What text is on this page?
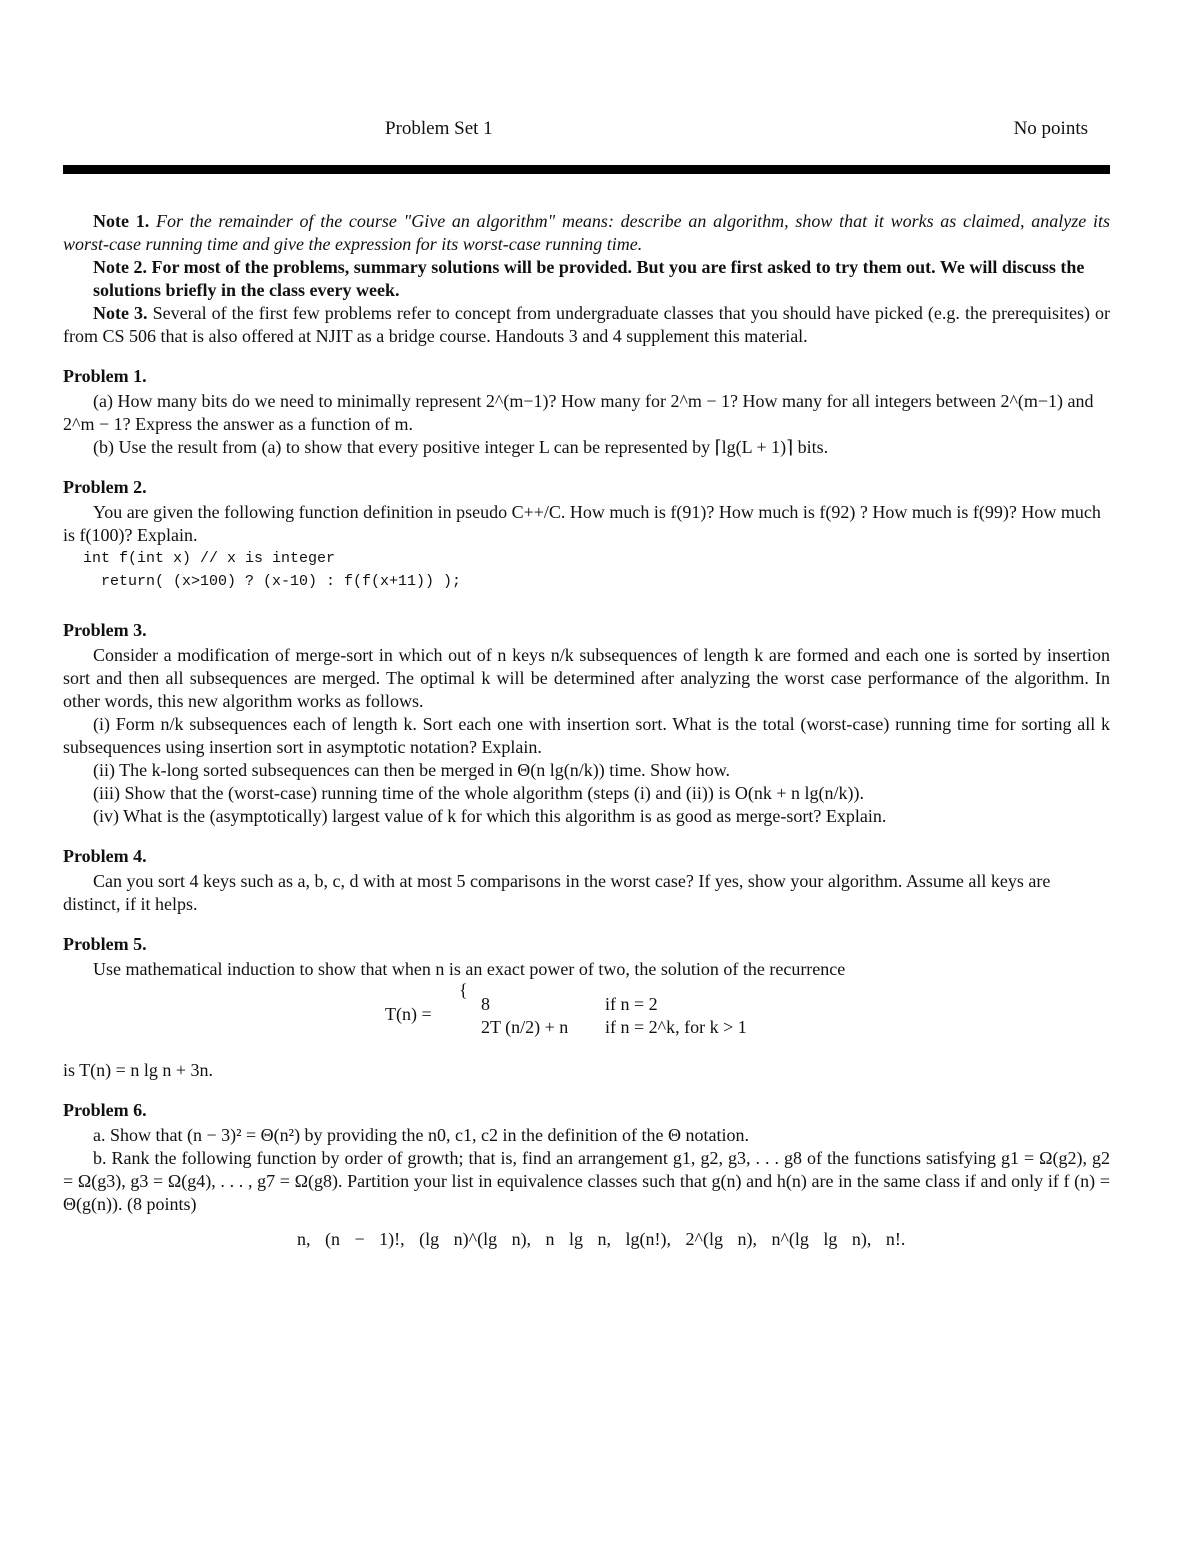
Problem Set 1	No points

Note 1. For the remainder of the course "Give an algorithm" means: describe an algorithm, show that it works as claimed, analyze its worst-case running time and give the expression for its worst-case running time.

Note 2. For most of the problems, summary solutions will be provided. But you are first asked to try them out. We will discuss the solutions briefly in the class every week.

Note 3. Several of the first few problems refer to concept from undergraduate classes that you should have picked (e.g. the prerequisites) or from CS 506 that is also offered at NJIT as a bridge course. Handouts 3 and 4 supplement this material.

Problem 1.

(a) How many bits do we need to minimally represent 2^(m−1)? How many for 2^m − 1? How many for all integers between 2^(m−1) and 2^m − 1? Express the answer as a function of m.

(b) Use the result from (a) to show that every positive integer L can be represented by ⌈lg(L + 1)⌉ bits.

Problem 2.

You are given the following function definition in pseudo C++/C. How much is f(91)? How much is f(92) ? How much is f(99)? How much is f(100)? Explain.

int f(int x) // x is integer

return( (x>100) ? (x-10) : f(f(x+11)) );

Problem 3.

Consider a modification of merge-sort in which out of n keys n/k subsequences of length k are formed and each one is sorted by insertion sort and then all subsequences are merged. The optimal k will be determined after analyzing the worst case performance of the algorithm. In other words, this new algorithm works as follows.

(i) Form n/k subsequences each of length k. Sort each one with insertion sort. What is the total (worst-case) running time for sorting all k subsequences using insertion sort in asymptotic notation? Explain.

(ii) The k-long sorted subsequences can then be merged in Θ(n lg(n/k)) time. Show how.

(iii) Show that the (worst-case) running time of the whole algorithm (steps (i) and (ii)) is O(nk + n lg(n/k)).

(iv) What is the (asymptotically) largest value of k for which this algorithm is as good as merge-sort? Explain.

Problem 4.

Can you sort 4 keys such as a, b, c, d with at most 5 comparisons in the worst case? If yes, show your algorithm. Assume all keys are distinct, if it helps.

Problem 5.

Use mathematical induction to show that when n is an exact power of two, the solution of the recurrence

T(n) =
{
8	if n = 2
2T (n/2) + n if n = 2^k, for k > 1

is T(n) = n lg n + 3n.

Problem 6.

a. Show that (n − 3)² = Θ(n²) by providing the n0, c1, c2 in the definition of the Θ notation.

b. Rank the following function by order of growth; that is, find an arrangement g1, g2, g3, . . . g8 of the functions satisfying g1 = Ω(g2), g2 = Ω(g3), g3 = Ω(g4), . . . , g7 = Ω(g8). Partition your list in equivalence classes such that g(n) and h(n) are in the same class if and only if f (n) = Θ(g(n)). (8 points)

n, (n − 1)!, (lg n)^(lg n), n lg n, lg(n!), 2^(lg n), n^(lg lg n), n!.
